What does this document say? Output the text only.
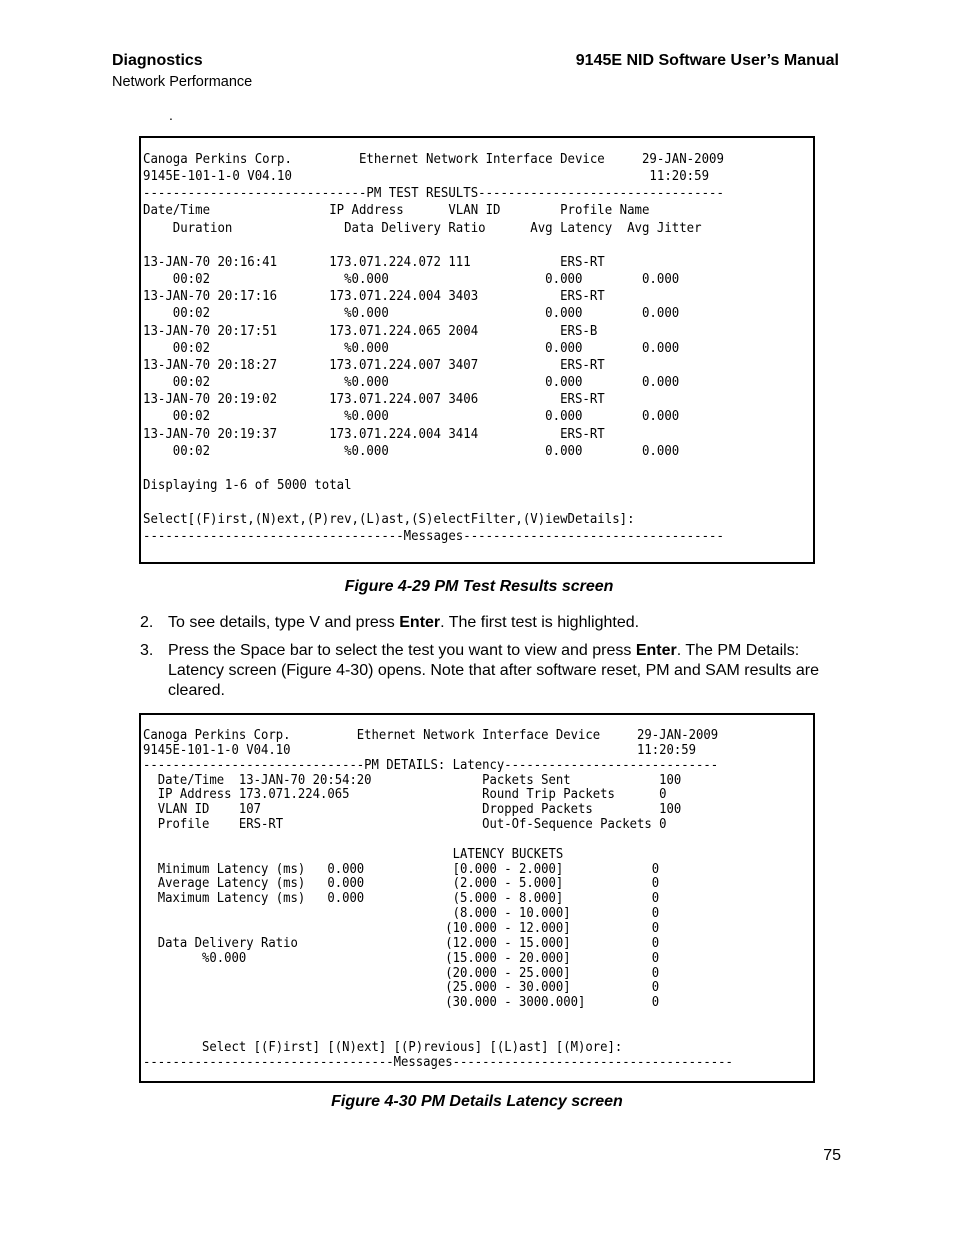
Diagnostics
Network Performance
9145E NID Software User’s Manual
.
Canoga Perkins Corp.         Ethernet Network Interface Device     29-JAN-2009
9145E-101-1-0 V04.10                                                11:20:59
------------------------------PM TEST RESULTS---------------------------------
Date/Time                IP Address      VLAN ID        Profile Name
Duration               Data Delivery Ratio      Avg Latency  Avg Jitter

13-JAN-70 20:16:41       173.071.224.072 111            ERS-RT
00:02                  %0.000                     0.000        0.000
13-JAN-70 20:17:16       173.071.224.004 3403           ERS-RT
00:02                  %0.000                     0.000        0.000
13-JAN-70 20:17:51       173.071.224.065 2004           ERS-B
00:02                  %0.000                     0.000        0.000
13-JAN-70 20:18:27       173.071.224.007 3407           ERS-RT
00:02                  %0.000                     0.000        0.000
13-JAN-70 20:19:02       173.071.224.007 3406           ERS-RT
00:02                  %0.000                     0.000        0.000
13-JAN-70 20:19:37       173.071.224.004 3414           ERS-RT
00:02                  %0.000                     0.000        0.000

Displaying 1-6 of 5000 total

Select[(F)irst,(N)ext,(P)rev,(L)ast,(S)electFilter,(V)iewDetails]:
-----------------------------------Messages-----------------------------------
Figure 4-29 PM Test Results screen
2. To see details, type V and press Enter. The first test is highlighted.
3. Press the Space bar to select the test you want to view and press Enter. The PM Details: Latency screen (Figure 4-30) opens. Note that after software reset, PM and SAM results are cleared.
Canoga Perkins Corp.         Ethernet Network Interface Device     29-JAN-2009
9145E-101-1-0 V04.10                                               11:20:59
------------------------------PM DETAILS: Latency-----------------------------
Date/Time  13-JAN-70 20:54:20               Packets Sent            100
IP Address 173.071.224.065                  Round Trip Packets      0
VLAN ID    107                              Dropped Packets         100
Profile    ERS-RT                           Out-Of-Sequence Packets 0

LATENCY BUCKETS
Minimum Latency (ms)   0.000            [0.000 - 2.000]            0
Average Latency (ms)   0.000            (2.000 - 5.000]            0
Maximum Latency (ms)   0.000            (5.000 - 8.000]            0
(8.000 - 10.000]           0
(10.000 - 12.000]           0
Data Delivery Ratio                    (12.000 - 15.000]           0
%0.000                           (15.000 - 20.000]           0
(20.000 - 25.000]           0
(25.000 - 30.000]           0
(30.000 - 3000.000]         0

Select [(F)irst] [(N)ext] [(P)revious] [(L)ast] [(M)ore]:
----------------------------------Messages--------------------------------------
Figure 4-30 PM Details Latency screen
75
